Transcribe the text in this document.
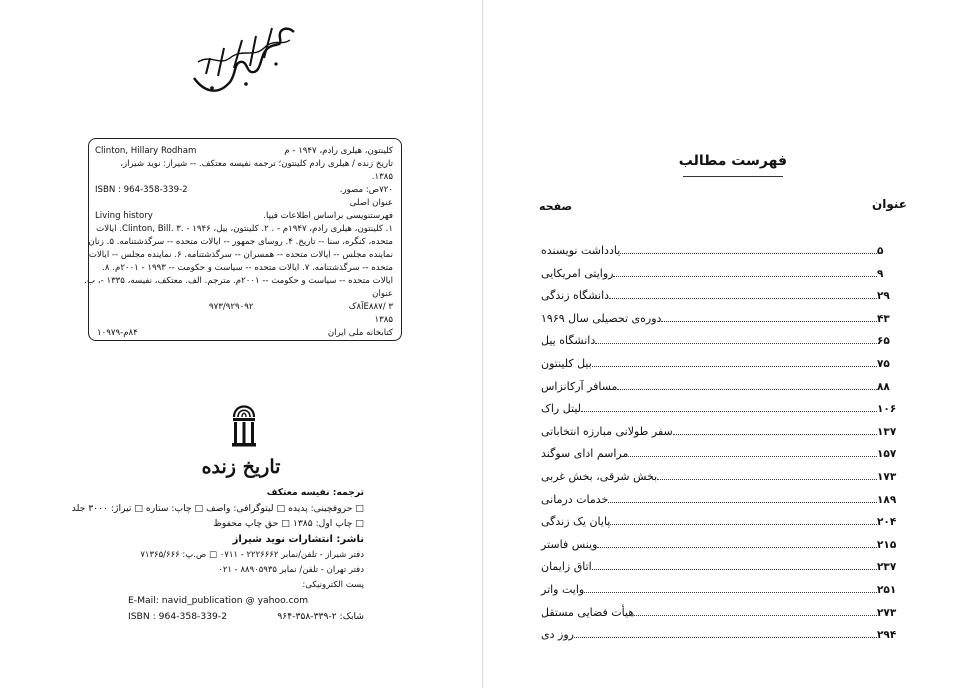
Clinton, Hillary Rodham	کلینتون، هیلری رادم، ۱۹۴۷ - م
تاریخ زنده / هیلری رادم کلینتون؛ ترجمه نفیسه معتکف. -- شیراز: نوید شیراز،
۱۳۸۵.
ISBN : 964-358-339-2	۷۲۰ص: مصور.
عنوان اصلی
Living history	فهرستنویسی براساس اطلاعات فیپا.
۱. کلینتون، هیلری رادم، ۱۹۴۷م - . ۲. کلینتون، بیل، ۱۹۴۶ - .Clinton, Bill. ۳. ایالات
متحده، کنگره، سنا -- تاریخ. ۴. روسای جمهور -- ایالات متحده -- سرگذشتنامه. ۵. زنان
نماینده مجلس -- ایالات متحده -- همسران -- سرگذشتنامه. ۶. نماینده مجلس -- ایالات
متحده -- سرگذشتنامه. ۷. ایالات متحده -- سیاست و حکومت -- ۱۹۹۳ - ۲۰۰۱م. ۸.
ایالات متحده -- سیاست و حکومت -- ۲۰۰۱م. مترجم. الف. معتکف، نفیسه، ۱۳۳۵ -، ب.
عنوان
E۸۸۷/ ۳آ۸ک
۹۷۳/۹۲۹۰۹۲
۱۳۸۵
کتابخانه ملی ایران
۸۴م-۱۰۹۷۹
تاریخ زنده
ترجمه: نفیسه معتکف
□ حروفچینی: پدیده □ لیتوگرافی: واصف □ چاپ: ستاره □ تیراژ: ۳۰۰۰ جلد
□ چاپ اول: ۱۳۸۵ □ حق چاپ محفوظ
ناشر: انتشارات نوید شیراز
دفتر شیراز - تلفن/نمابر ۲۲۲۶۶۶۲ - ۰۷۱۱ □ ص.پ: ۷۱۳۶۵/۶۶۶
دفتر تهران - تلفن/ نمابر ۸۸۹۰۵۹۳۵ - ۰۲۱
پست الکترونیکی:
E-Mail: navid_publication @ yahoo.com
شابک: ۲-۳۳۹-۳۵۸-۹۶۴
ISBN : 964-358-339-2
فهرست مطالب
عنوان
صفحه
یادداشت نویسنده	۵
روایتی امریکایی	۹
دانشگاه زندگی	۲۹
دوره‌ی تحصیلی سال ۱۹۶۹	۴۳
دانشگاه ییل	۶۵
بیل کلینتون	۷۵
مسافر آرکانزاس	۸۸
لیتل راک	۱۰۶
سفر طولانی مبارزه انتخاباتی	۱۳۷
مراسم ادای سوگند	۱۵۷
بخش شرقی، بخش غربی	۱۷۳
خدمات درمانی	۱۸۹
پایان یک زندگی	۲۰۴
وینس فاستر	۲۱۵
اتاق زایمان	۲۳۷
وایت واتر	۲۵۱
هیأت فضایی مستقل	۲۷۳
روز دی	۲۹۴
